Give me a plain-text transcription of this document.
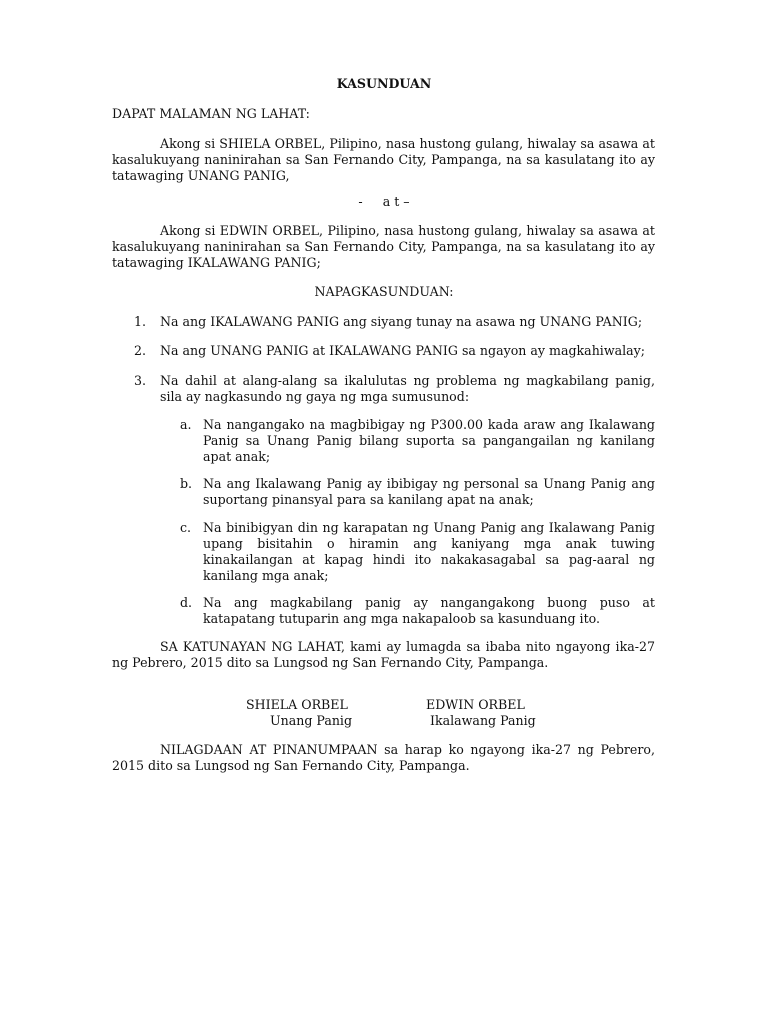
KASUNDUAN
DAPAT MALAMAN NG LAHAT:

Akong si SHIELA ORBEL, Pilipino, nasa hustong gulang, hiwalay sa asawa at kasalukuyang naninirahan sa San Fernando City, Pampanga, na sa kasulatang ito ay tatawaging UNANG PANIG,

-     a t –

Akong si EDWIN ORBEL, Pilipino, nasa hustong gulang, hiwalay sa asawa at kasalukuyang naninirahan sa San Fernando City, Pampanga, na sa kasulatang ito ay tatawaging IKALAWANG PANIG;

NAPAGKASUNDUAN:
1. Na ang IKALAWANG PANIG ang siyang tunay na asawa ng UNANG PANIG;
2. Na ang UNANG PANIG at IKALAWANG PANIG sa ngayon ay magkahiwalay;
3. Na dahil at alang-alang sa ikalulutas ng problema ng magkabilang panig, sila ay nagkasundo ng gaya ng mga sumusunod:
a. Na nangangako na magbibigay ng P300.00 kada araw ang Ikalawang Panig sa Unang Panig bilang suporta sa pangangailan ng kanilang apat anak;
b. Na ang Ikalawang Panig ay ibibigay ng personal sa Unang Panig ang suportang pinansyal para sa kanilang apat na anak;
c. Na binibigyan din ng karapatan ng Unang Panig ang Ikalawang Panig upang bisitahin o hiramin ang kaniyang mga anak tuwing kinakailangan at kapag hindi ito nakakasagabal sa pag-aaral ng kanilang mga anak;
d. Na ang magkabilang panig ay nangangakong buong puso at katapatang tutuparin ang mga nakapaloob sa kasunduang ito.

SA KATUNAYAN NG LAHAT, kami ay lumagda sa ibaba nito ngayong ika-27 ng Pebrero, 2015 dito sa Lungsod ng San Fernando City, Pampanga.

SHIELA ORBEL
Unang Panig
EDWIN ORBEL
Ikalawang Panig

NILAGDAAN AT PINANUMPAAN sa harap ko ngayong ika-27 ng Pebrero, 2015 dito sa Lungsod ng San Fernando City, Pampanga.
